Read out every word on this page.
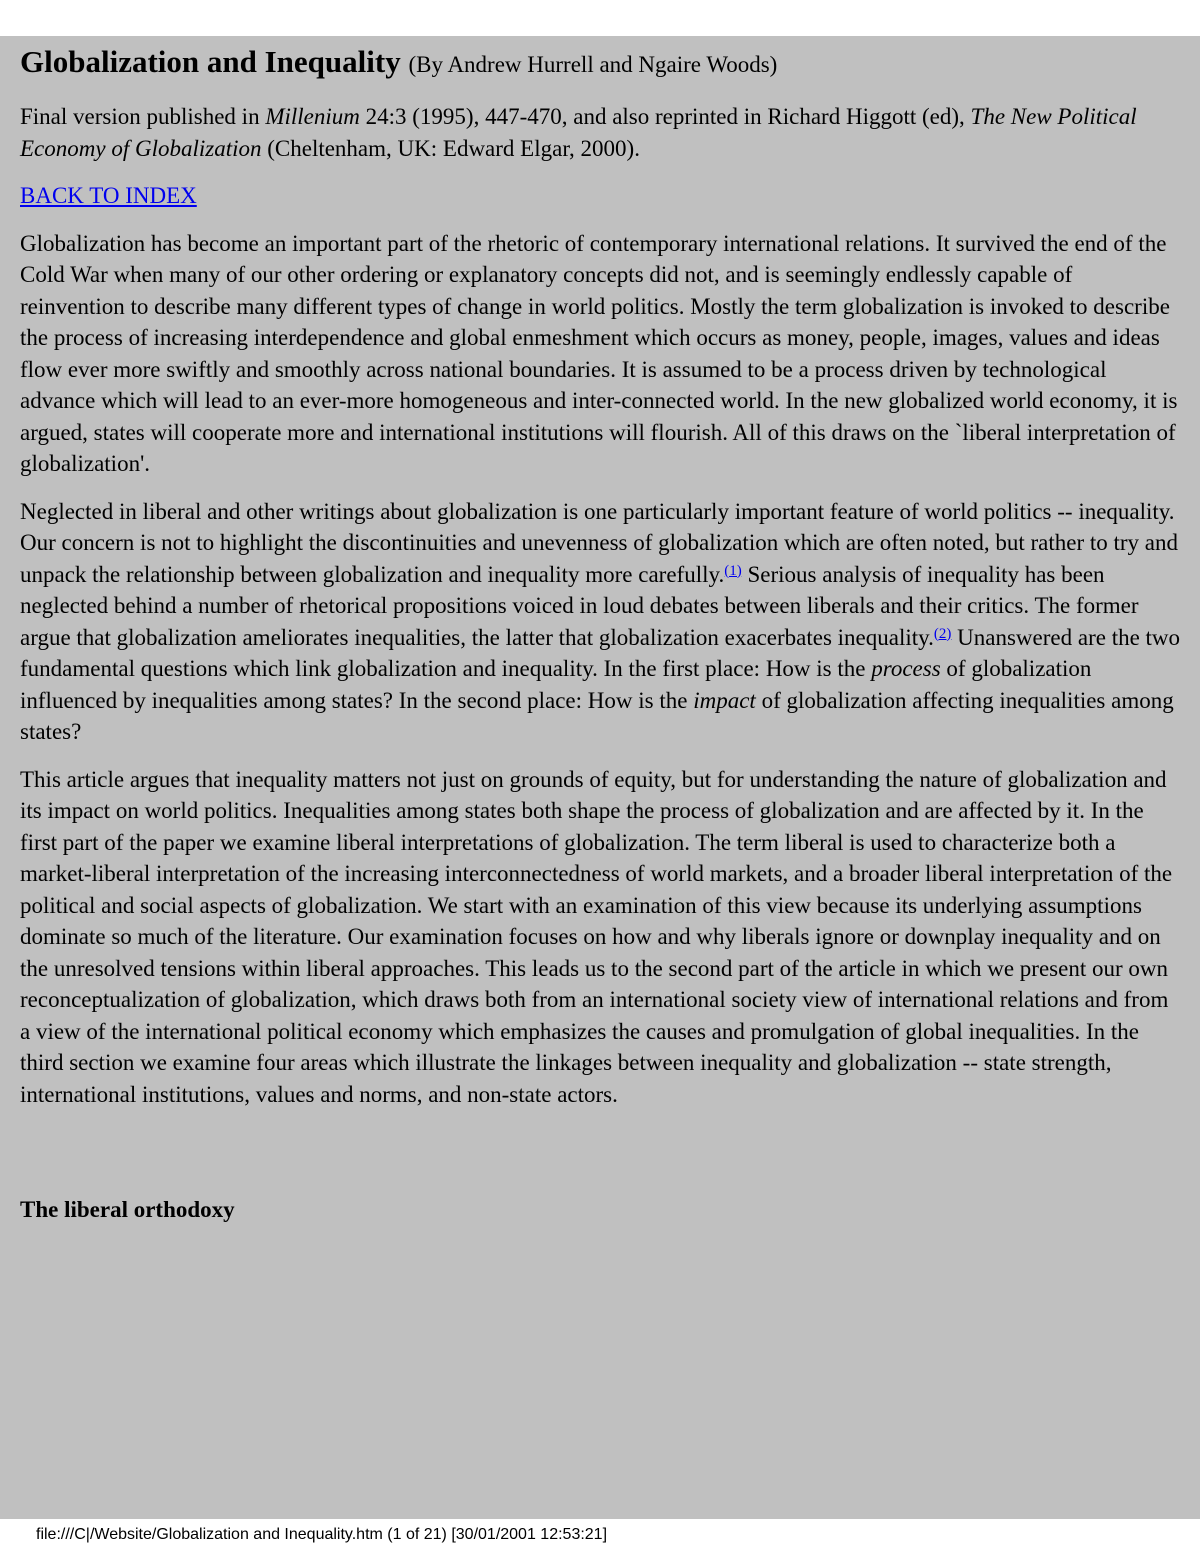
Globalization and Inequality (By Andrew Hurrell and Ngaire Woods)

Final version published in Millenium 24:3 (1995), 447-470, and also reprinted in Richard Higgott (ed), The New Political Economy of Globalization (Cheltenham, UK: Edward Elgar, 2000).

BACK TO INDEX

Globalization has become an important part of the rhetoric of contemporary international relations. It survived the end of the Cold War when many of our other ordering or explanatory concepts did not, and is seemingly endlessly capable of reinvention to describe many different types of change in world politics. Mostly the term globalization is invoked to describe the process of increasing interdependence and global enmeshment which occurs as money, people, images, values and ideas flow ever more swiftly and smoothly across national boundaries. It is assumed to be a process driven by technological advance which will lead to an ever-more homogeneous and inter-connected world. In the new globalized world economy, it is argued, states will cooperate more and international institutions will flourish. All of this draws on the `liberal interpretation of globalization'.

Neglected in liberal and other writings about globalization is one particularly important feature of world politics -- inequality. Our concern is not to highlight the discontinuities and unevenness of globalization which are often noted, but rather to try and unpack the relationship between globalization and inequality more carefully.$^{(1)}$ Serious analysis of inequality has been neglected behind a number of rhetorical propositions voiced in loud debates between liberals and their critics. The former argue that globalization ameliorates inequalities, the latter that globalization exacerbates inequality.$^{(2)}$ Unanswered are the two fundamental questions which link globalization and inequality. In the first place: How is the process of globalization influenced by inequalities among states? In the second place: How is the impact of globalization affecting inequalities among states?

This article argues that inequality matters not just on grounds of equity, but for understanding the nature of globalization and its impact on world politics. Inequalities among states both shape the process of globalization and are affected by it. In the first part of the paper we examine liberal interpretations of globalization. The term liberal is used to characterize both a market-liberal interpretation of the increasing interconnectedness of world markets, and a broader liberal interpretation of the political and social aspects of globalization. We start with an examination of this view because its underlying assumptions dominate so much of the literature. Our examination focuses on how and why liberals ignore or downplay inequality and on the unresolved tensions within liberal approaches. This leads us to the second part of the article in which we present our own reconceptualization of globalization, which draws both from an international society view of international relations and from a view of the international political economy which emphasizes the causes and promulgation of global inequalities. In the third section we examine four areas which illustrate the linkages between inequality and globalization -- state strength, international institutions, values and norms, and non-state actors.

The liberal orthodoxy
file:///C|/Website/Globalization and Inequality.htm (1 of 21) [30/01/2001 12:53:21]
